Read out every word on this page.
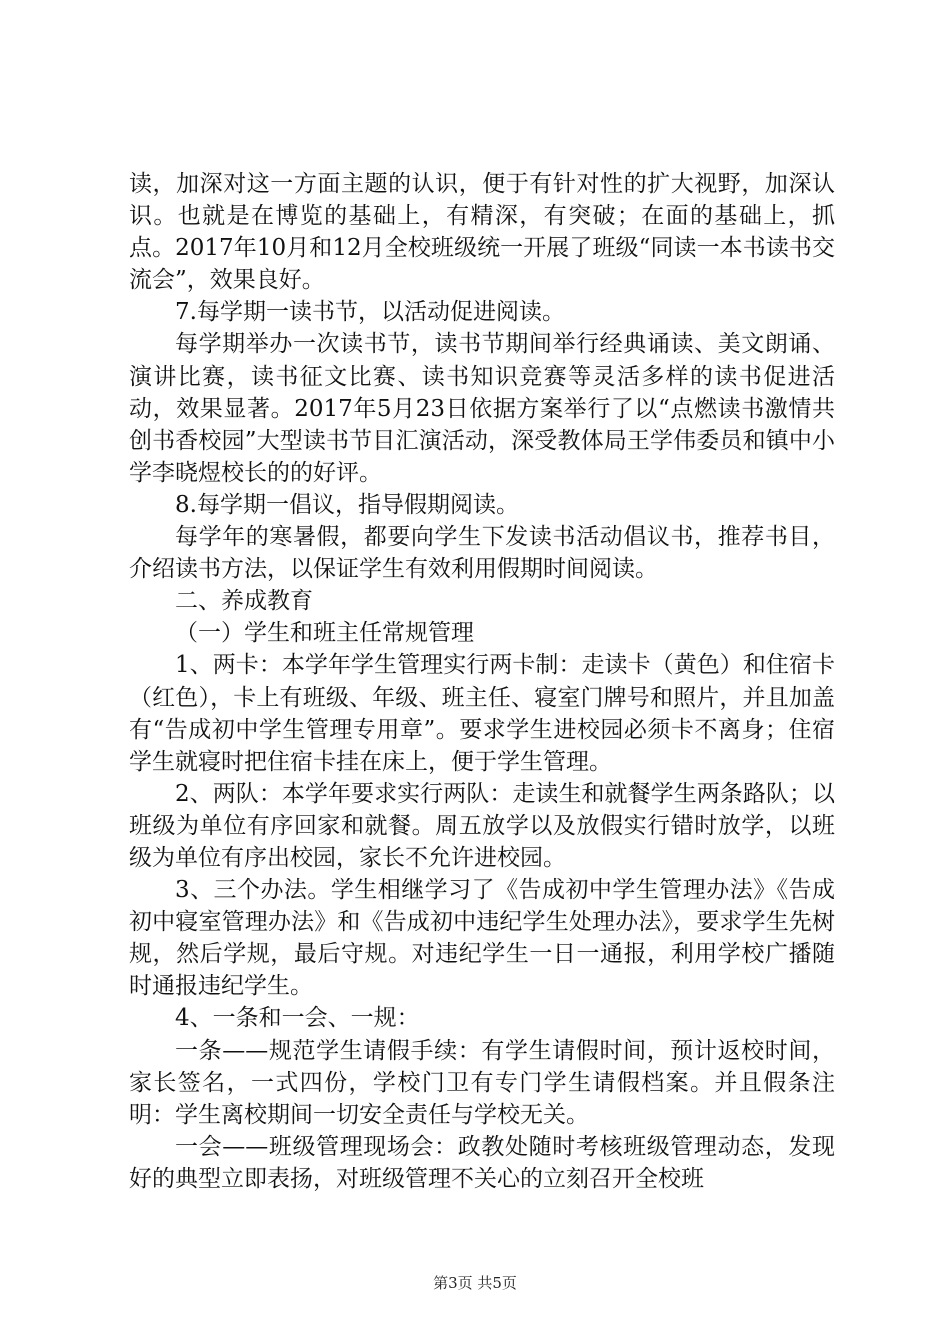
读，加深对这一方面主题的认识，便于有针对性的扩大视野，加深认识。也就是在博览的基础上，有精深，有突破；在面的基础上，抓点。2017年10月和12月全校班级统一开展了班级“同读一本书读书交流会”，效果良好。

7.每学期一读书节，以活动促进阅读。

每学期举办一次读书节，读书节期间举行经典诵读、美文朗诵、演讲比赛，读书征文比赛、读书知识竞赛等灵活多样的读书促进活动，效果显著。2017年5月23日依据方案举行了以“点燃读书激情共创书香校园”大型读书节目汇演活动，深受教体局王学伟委员和镇中小学李晓煜校长的的好评。

8.每学期一倡议，指导假期阅读。

每学年的寒暑假，都要向学生下发读书活动倡议书，推荐书目，介绍读书方法，以保证学生有效利用假期时间阅读。

二、养成教育

（一）学生和班主任常规管理

1、两卡：本学年学生管理实行两卡制：走读卡（黄色）和住宿卡（红色），卡上有班级、年级、班主任、寝室门牌号和照片，并且加盖有“告成初中学生管理专用章”。要求学生进校园必须卡不离身；住宿学生就寝时把住宿卡挂在床上，便于学生管理。

2、两队：本学年要求实行两队：走读生和就餐学生两条路队；以班级为单位有序回家和就餐。周五放学以及放假实行错时放学，以班级为单位有序出校园，家长不允许进校园。

3、三个办法。学生相继学习了《告成初中学生管理办法》《告成初中寝室管理办法》和《告成初中违纪学生处理办法》，要求学生先树规，然后学规，最后守规。对违纪学生一日一通报，利用学校广播随时通报违纪学生。

4、一条和一会、一规：

一条——规范学生请假手续：有学生请假时间，预计返校时间，家长签名，一式四份，学校门卫有专门学生请假档案。并且假条注明：学生离校期间一切安全责任与学校无关。

一会——班级管理现场会：政教处随时考核班级管理动态，发现好的典型立即表扬，对班级管理不关心的立刻召开全校班

第3页 共5页
